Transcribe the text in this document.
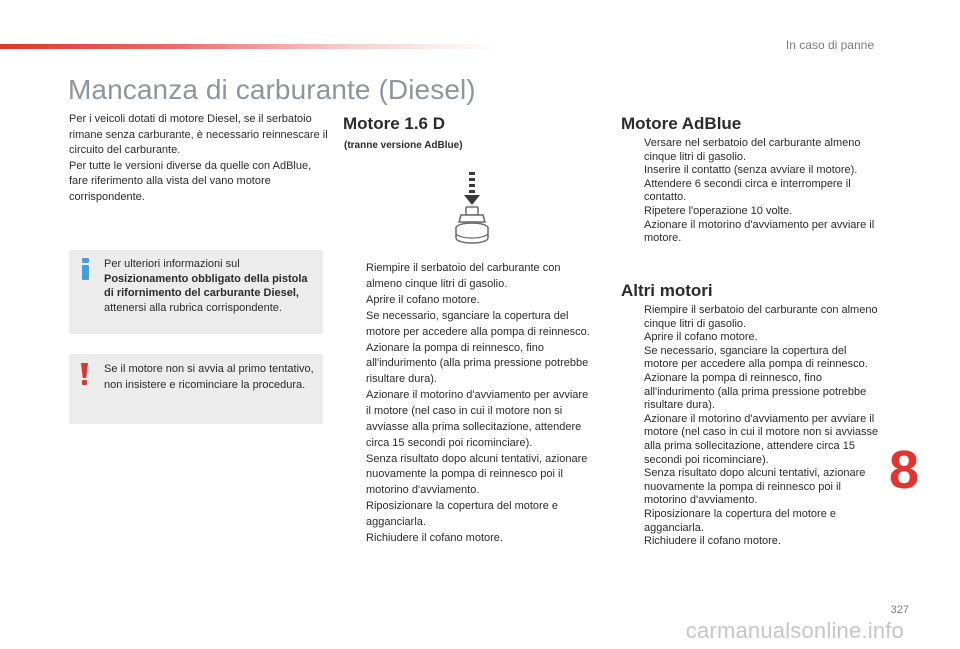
In caso di panne
Mancanza di carburante (Diesel)

Per i veicoli dotati di motore Diesel, se il serbatoio rimane senza carburante, è necessario reinnescare il circuito del carburante.

Per tutte le versioni diverse da quelle con AdBlue, fare riferimento alla vista del vano motore corrispondente.

Per ulteriori informazioni sul Posizionamento obbligato della pistola di rifornimento del carburante Diesel, attenersi alla rubrica corrispondente.
Se il motore non si avvia al primo tentativo, non insistere e ricominciare la procedura.
Motore 1.6 D
(tranne versione AdBlue)
Riempire il serbatoio del carburante con almeno cinque litri di gasolio.
Aprire il cofano motore.
Se necessario, sganciare la copertura del motore per accedere alla pompa di reinnesco.
Azionare la pompa di reinnesco, fino all'indurimento (alla prima pressione potrebbe risultare dura).
Azionare il motorino d'avviamento per avviare il motore (nel caso in cui il motore non si avviasse alla prima sollecitazione, attendere circa 15 secondi poi ricominciare).
Senza risultato dopo alcuni tentativi, azionare nuovamente la pompa di reinnesco poi il motorino d'avviamento.
Riposizionare la copertura del motore e agganciarla.
Richiudere il cofano motore.
Motore AdBlue
Versare nel serbatoio del carburante almeno cinque litri di gasolio.
Inserire il contatto (senza avviare il motore).
Attendere 6 secondi circa e interrompere il contatto.
Ripetere l'operazione 10 volte.
Azionare il motorino d'avviamento per avviare il motore.
Altri motori
Riempire il serbatoio del carburante con almeno cinque litri di gasolio.
Aprire il cofano motore.
Se necessario, sganciare la copertura del motore per accedere alla pompa di reinnesco.
Azionare la pompa di reinnesco, fino all'indurimento (alla prima pressione potrebbe risultare dura).
Azionare il motorino d'avviamento per avviare il motore (nel caso in cui il motore non si avviasse alla prima sollecitazione, attendere circa 15 secondi poi ricominciare).
Senza risultato dopo alcuni tentativi, azionare nuovamente la pompa di reinnesco poi il motorino d'avviamento.
Riposizionare la copertura del motore e agganciarla.
Richiudere il cofano motore.
8
327
carmanualsonline.info
